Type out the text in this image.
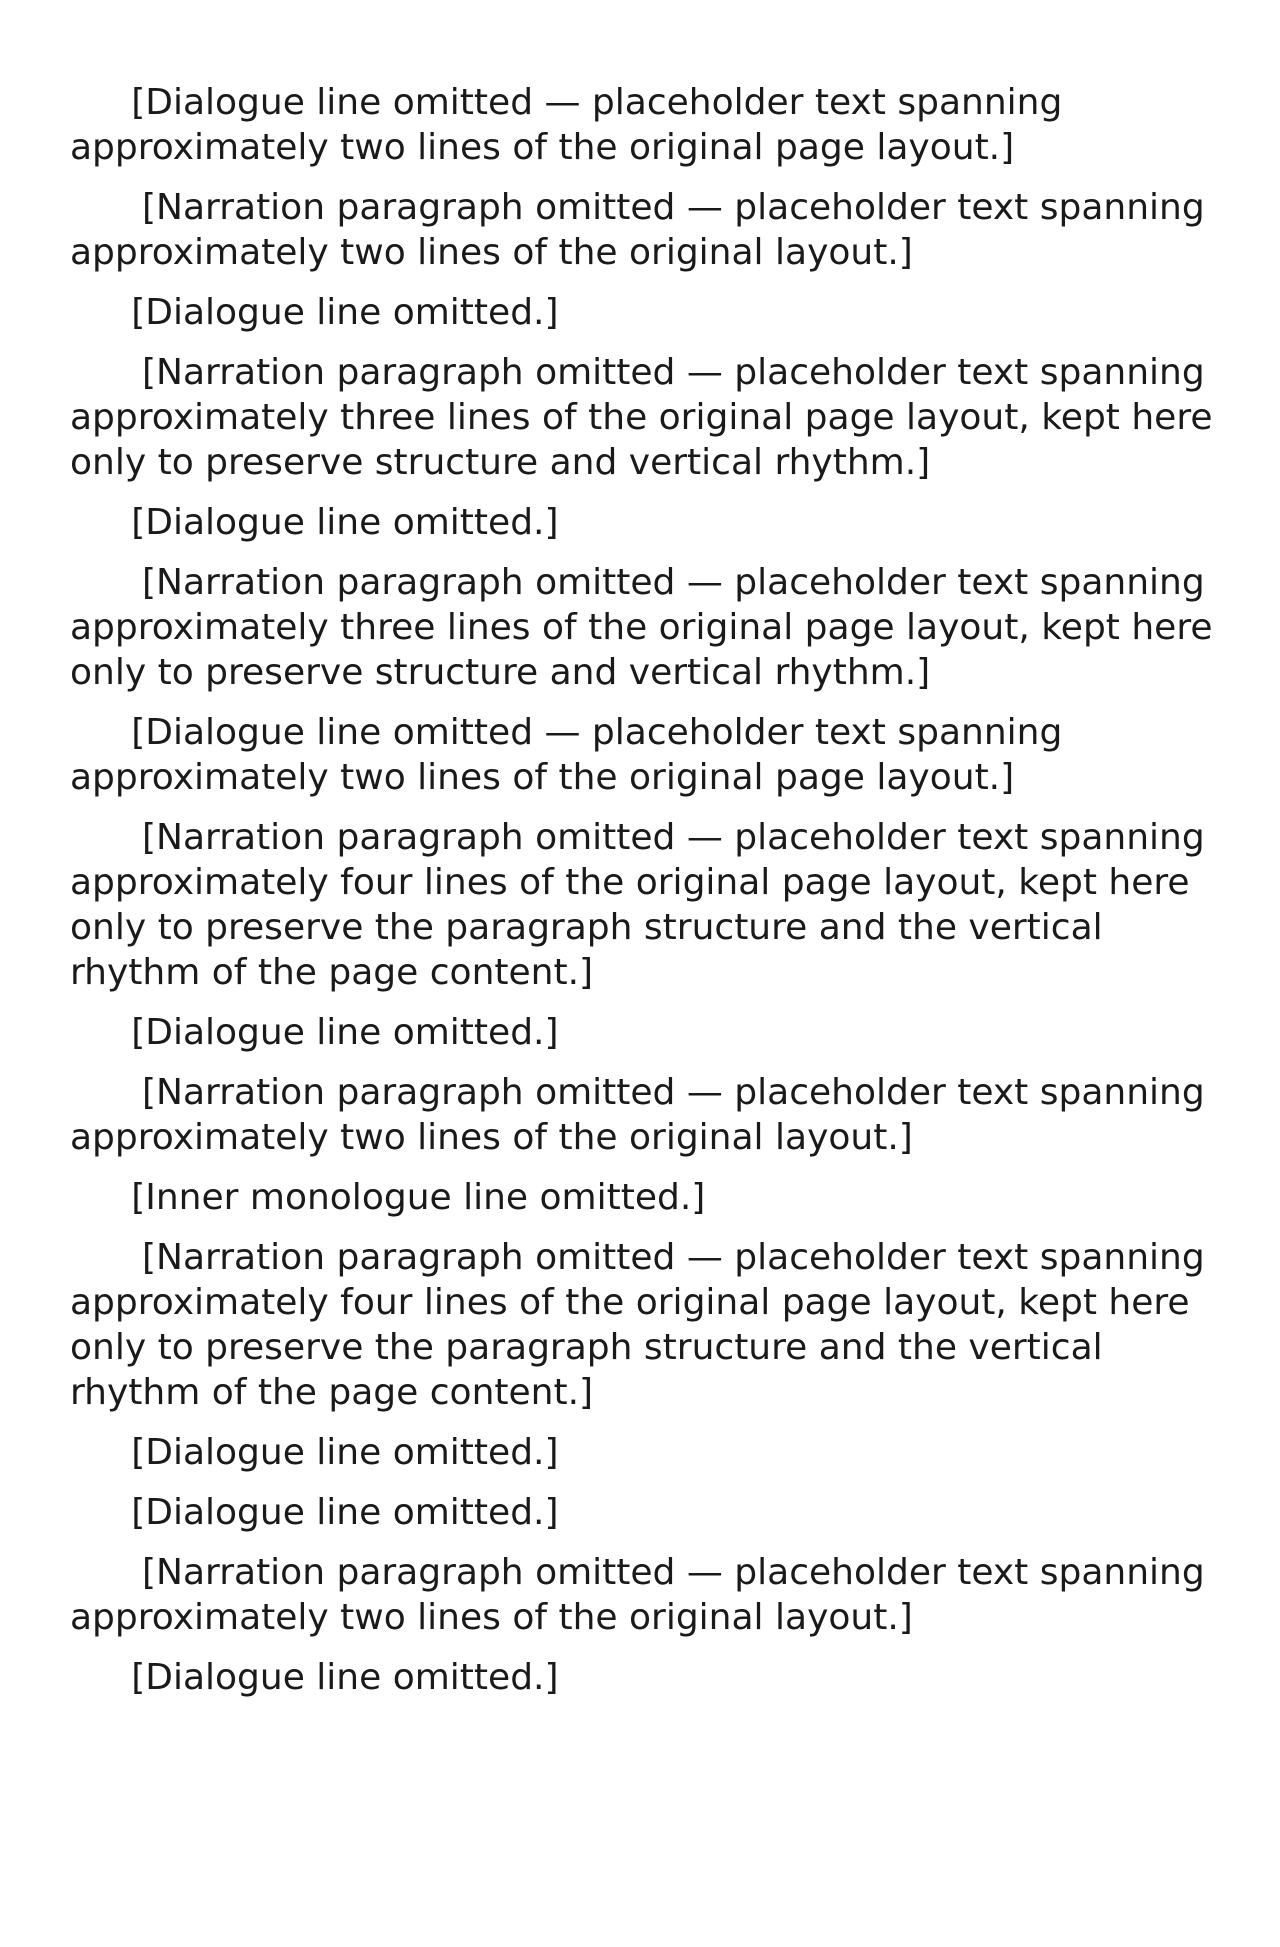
[Dialogue line omitted — placeholder text spanning approximately two lines of the original page layout.]

[Narration paragraph omitted — placeholder text spanning approximately two lines of the original layout.]

[Dialogue line omitted.]

[Narration paragraph omitted — placeholder text spanning approximately three lines of the original page layout, kept here only to preserve structure and vertical rhythm.]

[Dialogue line omitted.]

[Narration paragraph omitted — placeholder text spanning approximately three lines of the original page layout, kept here only to preserve structure and vertical rhythm.]

[Dialogue line omitted — placeholder text spanning approximately two lines of the original page layout.]

[Narration paragraph omitted — placeholder text spanning approximately four lines of the original page layout, kept here only to preserve the paragraph structure and the vertical rhythm of the page content.]

[Dialogue line omitted.]

[Narration paragraph omitted — placeholder text spanning approximately two lines of the original layout.]

[Inner monologue line omitted.]

[Narration paragraph omitted — placeholder text spanning approximately four lines of the original page layout, kept here only to preserve the paragraph structure and the vertical rhythm of the page content.]

[Dialogue line omitted.]

[Dialogue line omitted.]

[Narration paragraph omitted — placeholder text spanning approximately two lines of the original layout.]

[Dialogue line omitted.]
